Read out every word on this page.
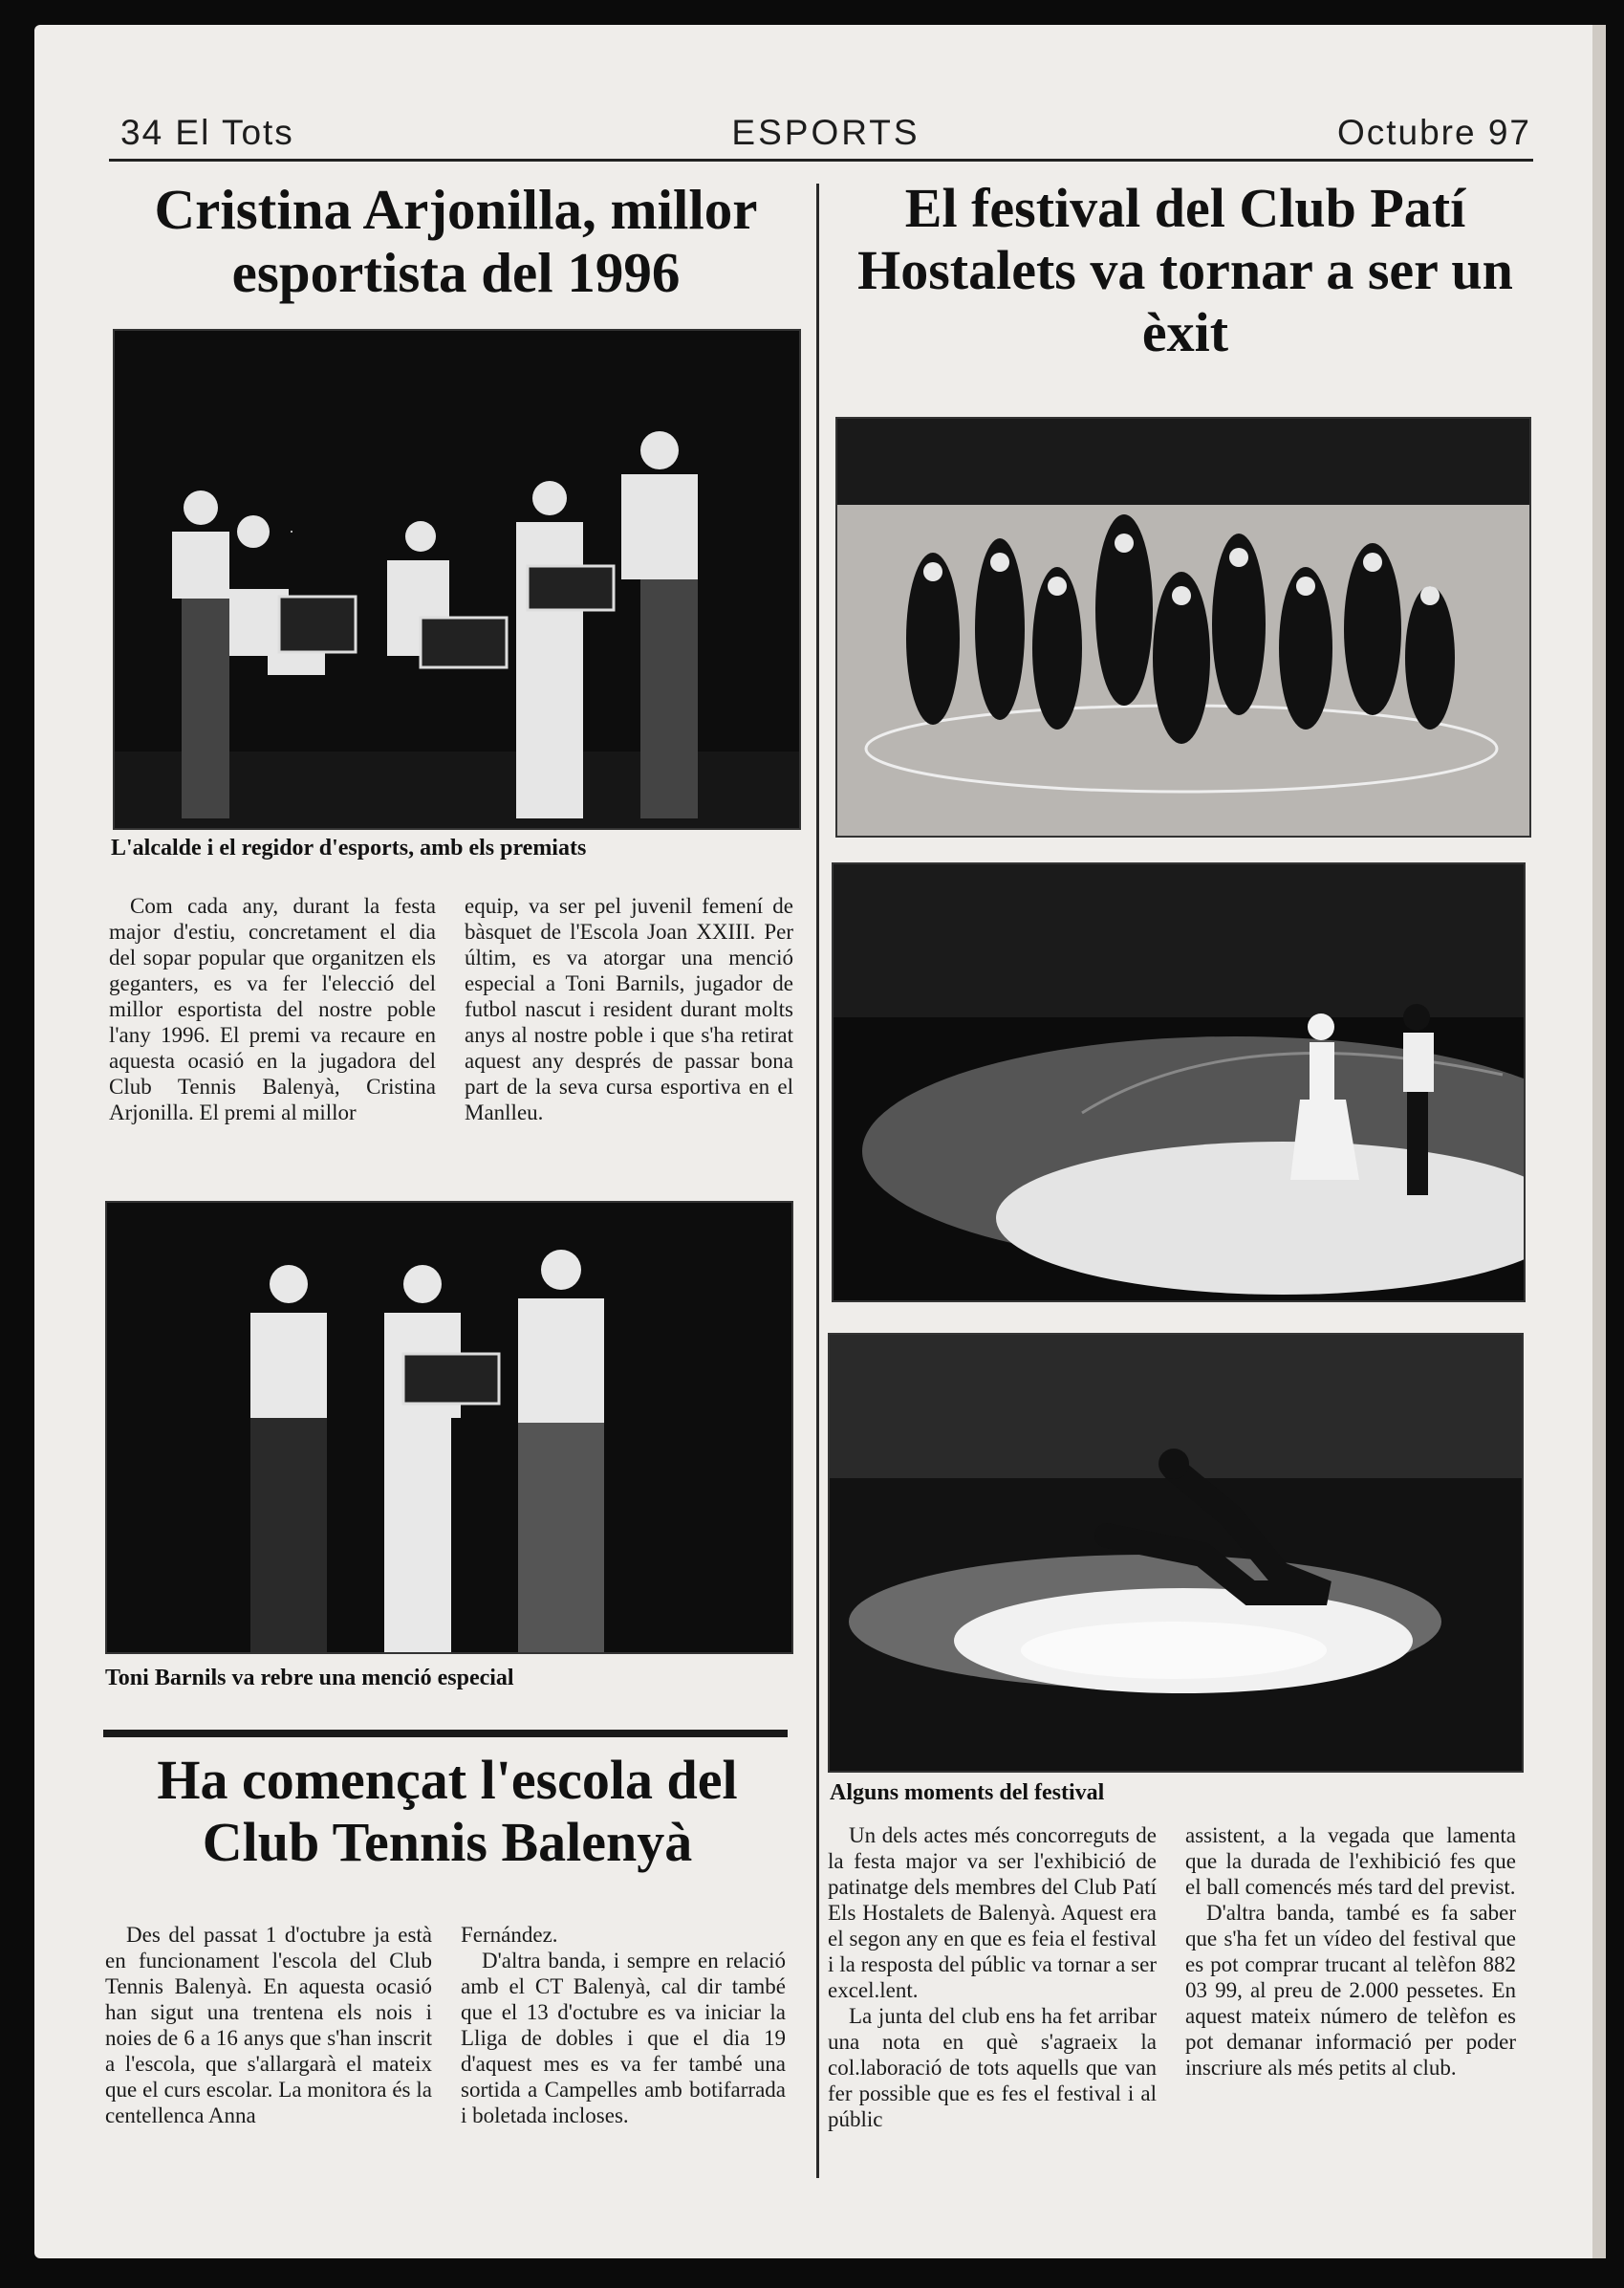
34 El Tots	ESPORTS	Octubre 97
Cristina Arjonilla, millor esportista del 1996
L'alcalde i el regidor d'esports, amb els premiats

Com cada any, durant la festa major d'estiu, concretament el dia del sopar popular que organitzen els geganters, es va fer l'elecció del millor esportista del nostre poble l'any 1996. El premi va recaure en aquesta ocasió en la jugadora del Club Tennis Balenyà, Cristina Arjonilla. El premi al millor

equip, va ser pel juvenil femení de bàsquet de l'Escola Joan XXIII. Per últim, es va atorgar una menció especial a Toni Barnils, jugador de futbol nascut i resident durant molts anys al nostre poble i que s'ha retirat aquest any després de passar bona part de la seva cursa esportiva en el Manlleu.

Toni Barnils va rebre una menció especial
Ha començat l'escola del Club Tennis Balenyà

Des del passat 1 d'octubre ja està en funcionament l'escola del Club Tennis Balenyà. En aquesta ocasió han sigut una trentena els nois i noies de 6 a 16 anys que s'han inscrit a l'escola, que s'allargarà el mateix que el curs escolar. La monitora és la centellenca Anna

Fernández.

D'altra banda, i sempre en relació amb el CT Balenyà, cal dir també que el 13 d'octubre es va iniciar la Lliga de dobles i que el dia 19 d'aquest mes es va fer també una sortida a Campelles amb botifarrada i boletada incloses.

El festival del Club Patí Hostalets va tornar a ser un èxit
Alguns moments del festival

Un dels actes més concorreguts de la festa major va ser l'exhibició de patinatge dels membres del Club Patí Els Hostalets de Balenyà. Aquest era el segon any en que es feia el festival i la resposta del públic va tornar a ser excel.lent.

La junta del club ens ha fet arribar una nota en què s'agraeix la col.laboració de tots aquells que van fer possible que es fes el festival i al públic

assistent, a la vegada que lamenta que la durada de l'exhibició fes que el ball comencés més tard del previst.

D'altra banda, també es fa saber que s'ha fet un vídeo del festival que es pot comprar trucant al telèfon 882 03 99, al preu de 2.000 pessetes. En aquest mateix número de telèfon es pot demanar informació per poder inscriure als més petits al club.
